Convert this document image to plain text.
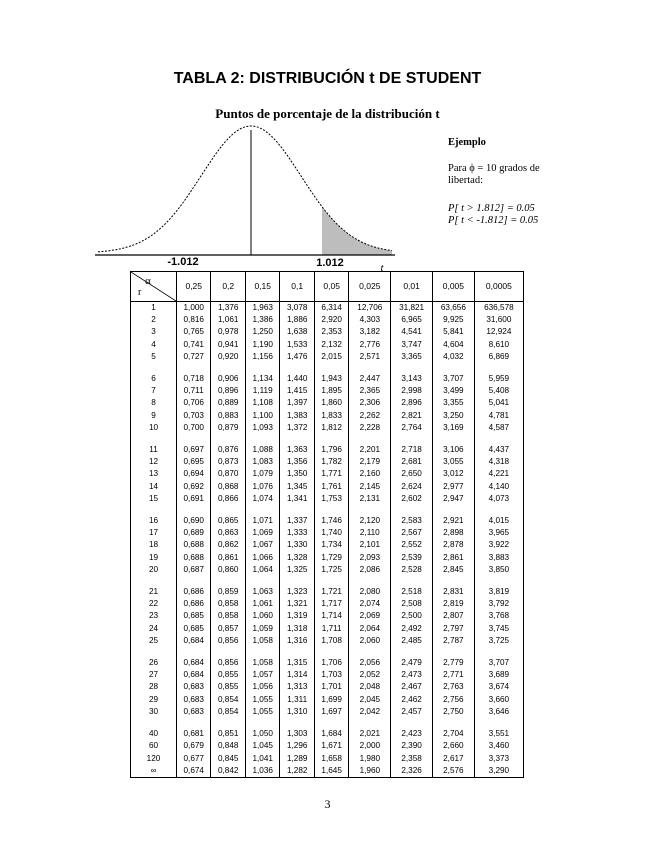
TABLA 2: DISTRIBUCIÓN t DE STUDENT
Puntos de porcentaje de la distribución t
-1.012	1.012	t
Ejemplo
Para ϕ = 10 grados de libertad:
P[ t > 1.812] = 0.05
P[ t < -1.812] = 0.05
α
r	0,25	0,2	0,15	0,1	0,05	0,025	0,01	0,005	0,0005
1	1,000	1,376	1,963	3,078	6,314	12,706	31,821	63,656	636,578
2	0,816	1,061	1,386	1,886	2,920	4,303	6,965	9,925	31,600
3	0,765	0,978	1,250	1,638	2,353	3,182	4,541	5,841	12,924
4	0,741	0,941	1,190	1,533	2,132	2,776	3,747	4,604	8,610
5	0,727	0,920	1,156	1,476	2,015	2,571	3,365	4,032	6,869

6	0,718	0,906	1,134	1,440	1,943	2,447	3,143	3,707	5,959
7	0,711	0,896	1,119	1,415	1,895	2,365	2,998	3,499	5,408
8	0,706	0,889	1,108	1,397	1,860	2,306	2,896	3,355	5,041
9	0,703	0,883	1,100	1,383	1,833	2,262	2,821	3,250	4,781
10	0,700	0,879	1,093	1,372	1,812	2,228	2,764	3,169	4,587

11	0,697	0,876	1,088	1,363	1,796	2,201	2,718	3,106	4,437
12	0,695	0,873	1,083	1,356	1,782	2,179	2,681	3,055	4,318
13	0,694	0,870	1,079	1,350	1,771	2,160	2,650	3,012	4,221
14	0,692	0,868	1,076	1,345	1,761	2,145	2,624	2,977	4,140
15	0,691	0,866	1,074	1,341	1,753	2,131	2,602	2,947	4,073

16	0,690	0,865	1,071	1,337	1,746	2,120	2,583	2,921	4,015
17	0,689	0,863	1,069	1,333	1,740	2,110	2,567	2,898	3,965
18	0,688	0,862	1,067	1,330	1,734	2,101	2,552	2,878	3,922
19	0,688	0,861	1,066	1,328	1,729	2,093	2,539	2,861	3,883
20	0,687	0,860	1,064	1,325	1,725	2,086	2,528	2,845	3,850

21	0,686	0,859	1,063	1,323	1,721	2,080	2,518	2,831	3,819
22	0,686	0,858	1,061	1,321	1,717	2,074	2,508	2,819	3,792
23	0,685	0,858	1,060	1,319	1,714	2,069	2,500	2,807	3,768
24	0,685	0,857	1,059	1,318	1,711	2,064	2,492	2,797	3,745
25	0,684	0,856	1,058	1,316	1,708	2,060	2,485	2,787	3,725

26	0,684	0,856	1,058	1,315	1,706	2,056	2,479	2,779	3,707
27	0,684	0,855	1,057	1,314	1,703	2,052	2,473	2,771	3,689
28	0,683	0,855	1,056	1,313	1,701	2,048	2,467	2,763	3,674
29	0,683	0,854	1,055	1,311	1,699	2,045	2,462	2,756	3,660
30	0,683	0,854	1,055	1,310	1,697	2,042	2,457	2,750	3,646

40	0,681	0,851	1,050	1,303	1,684	2,021	2,423	2,704	3,551
60	0,679	0,848	1,045	1,296	1,671	2,000	2,390	2,660	3,460
120	0,677	0,845	1,041	1,289	1,658	1,980	2,358	2,617	3,373
∞	0,674	0,842	1,036	1,282	1,645	1,960	2,326	2,576	3,290
3
